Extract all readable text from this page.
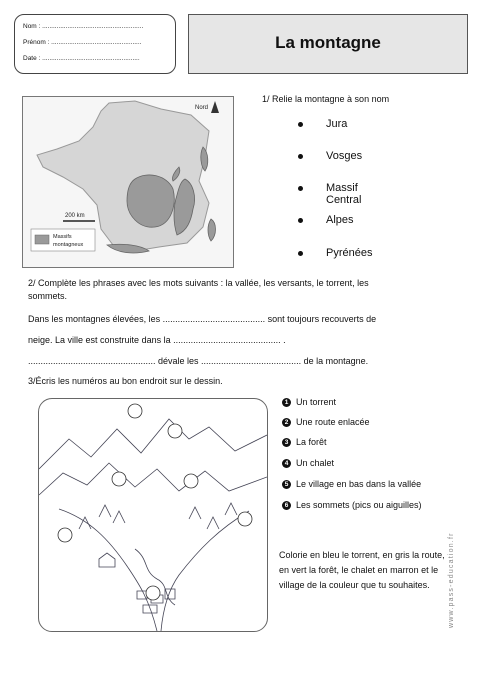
Nom : ........................................................
Prénom : ..................................................
Date : ......................................................
La montagne
Nord
200 km
Massifs
montagneux
1/ Relie la montagne à son nom
Jura
Vosges
Massif Central
Alpes
Pyrénées
2/ Complète les phrases avec les mots suivants : la vallée, les versants, le torrent, les
sommets.
Dans les montagnes élevées, les ......................................... sont toujours recouverts de
neige. La ville est construite dans la ........................................... .
................................................... dévale les ........................................ de la montagne.
3/Écris les numéros au bon endroit sur le dessin.
1 Un torrent
2 Une route enlacée
3 La forêt
4 Un chalet
5 Le village en bas dans la vallée
6 Les sommets (pics ou aiguilles)
Colorie en bleu le torrent, en gris la route, en vert la forêt, le chalet en marron et le village de la couleur que tu souhaites.	www.pass-education.fr
